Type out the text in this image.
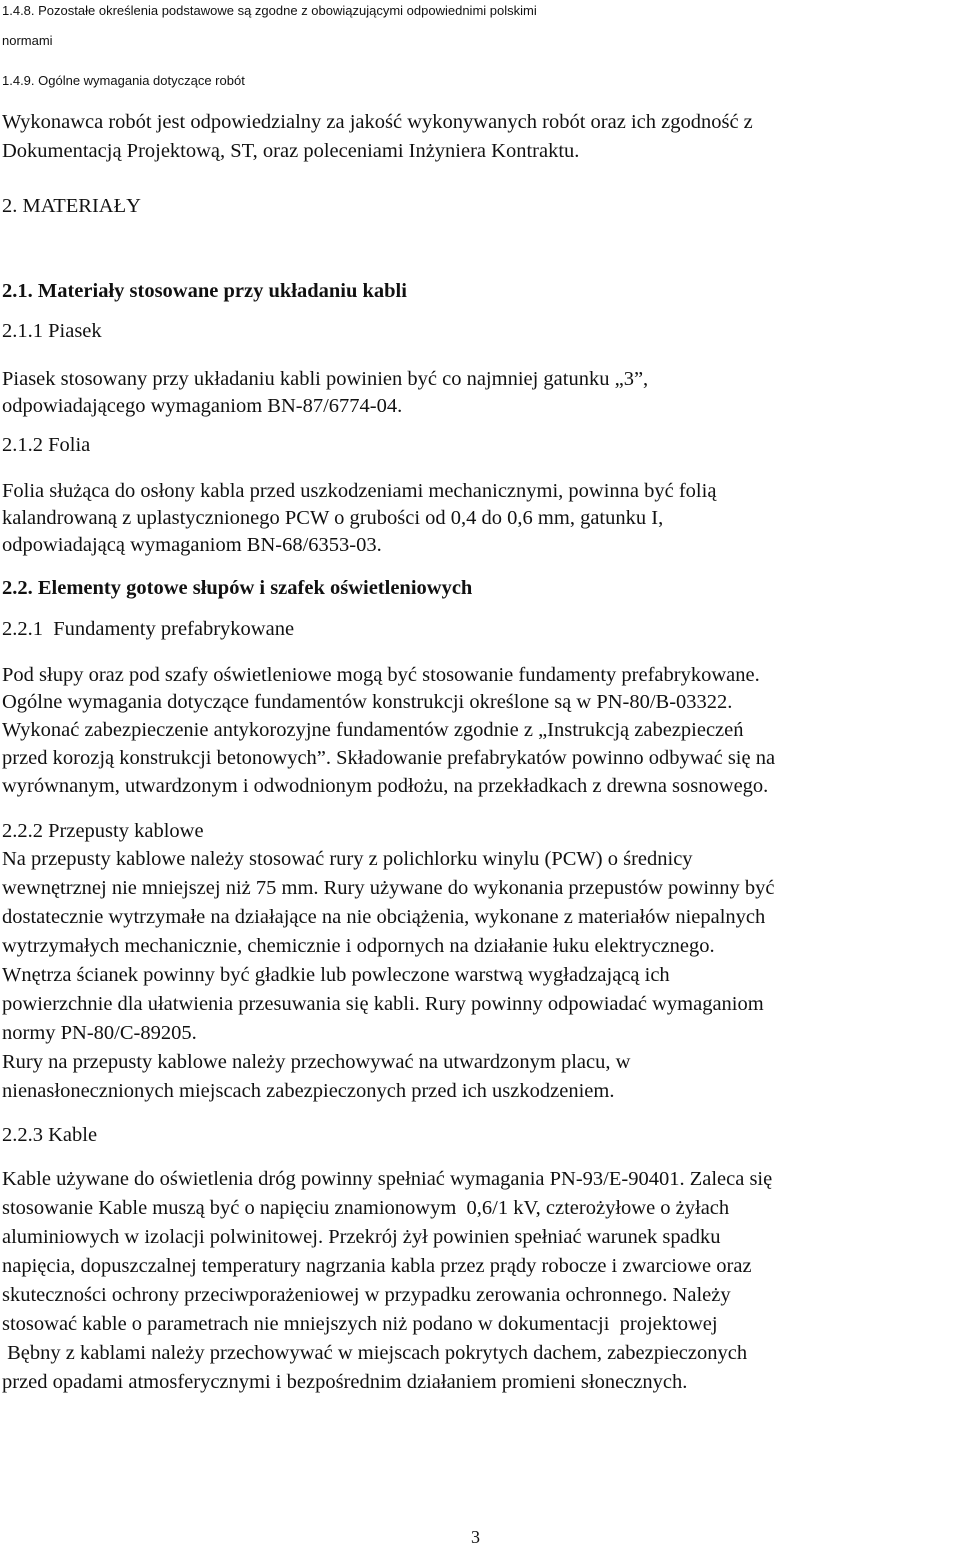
1.4.8. Pozostałe określenia podstawowe są zgodne z obowiązującymi odpowiednimi polskimi
normami
1.4.9. Ogólne wymagania dotyczące robót
Wykonawca robót jest odpowiedzialny za jakość wykonywanych robót oraz ich zgodność z
Dokumentacją Projektową, ST, oraz poleceniami Inżyniera Kontraktu.
2. MATERIAŁY
2.1. Materiały stosowane przy układaniu kabli
2.1.1 Piasek
Piasek stosowany przy układaniu kabli powinien być co najmniej gatunku „3”,
odpowiadającego wymaganiom BN-87/6774-04.
2.1.2 Folia
Folia służąca do osłony kabla przed uszkodzeniami mechanicznymi, powinna być folią
kalandrowaną z uplastycznionego PCW o grubości od 0,4 do 0,6 mm, gatunku I,
odpowiadającą wymaganiom BN-68/6353-03.
2.2. Elementy gotowe słupów i szafek oświetleniowych
2.2.1  Fundamenty prefabrykowane
Pod słupy oraz pod szafy oświetleniowe mogą być stosowanie fundamenty prefabrykowane.
Ogólne wymagania dotyczące fundamentów konstrukcji określone są w PN-80/B-03322.
Wykonać zabezpieczenie antykorozyjne fundamentów zgodnie z „Instrukcją zabezpieczeń
przed korozją konstrukcji betonowych”. Składowanie prefabrykatów powinno odbywać się na
wyrównanym, utwardzonym i odwodnionym podłożu, na przekładkach z drewna sosnowego.
2.2.2 Przepusty kablowe
Na przepusty kablowe należy stosować rury z polichlorku winylu (PCW) o średnicy
wewnętrznej nie mniejszej niż 75 mm. Rury używane do wykonania przepustów powinny być
dostatecznie wytrzymałe na działające na nie obciążenia, wykonane z materiałów niepalnych
wytrzymałych mechanicznie, chemicznie i odpornych na działanie łuku elektrycznego.
Wnętrza ścianek powinny być gładkie lub powleczone warstwą wygładzającą ich
powierzchnie dla ułatwienia przesuwania się kabli. Rury powinny odpowiadać wymaganiom
normy PN-80/C-89205.
Rury na przepusty kablowe należy przechowywać na utwardzonym placu, w
nienasłonecznionych miejscach zabezpieczonych przed ich uszkodzeniem.
2.2.3 Kable
Kable używane do oświetlenia dróg powinny spełniać wymagania PN-93/E-90401. Zaleca się
stosowanie Kable muszą być o napięciu znamionowym  0,6/1 kV, czterożyłowe o żyłach
aluminiowych w izolacji polwinitowej. Przekrój żył powinien spełniać warunek spadku
napięcia, dopuszczalnej temperatury nagrzania kabla przez prądy robocze i zwarciowe oraz
skuteczności ochrony przeciwporażeniowej w przypadku zerowania ochronnego. Należy
stosować kable o parametrach nie mniejszych niż podano w dokumentacji  projektowej
Bębny z kablami należy przechowywać w miejscach pokrytych dachem, zabezpieczonych
przed opadami atmosferycznymi i bezpośrednim działaniem promieni słonecznych.
3
